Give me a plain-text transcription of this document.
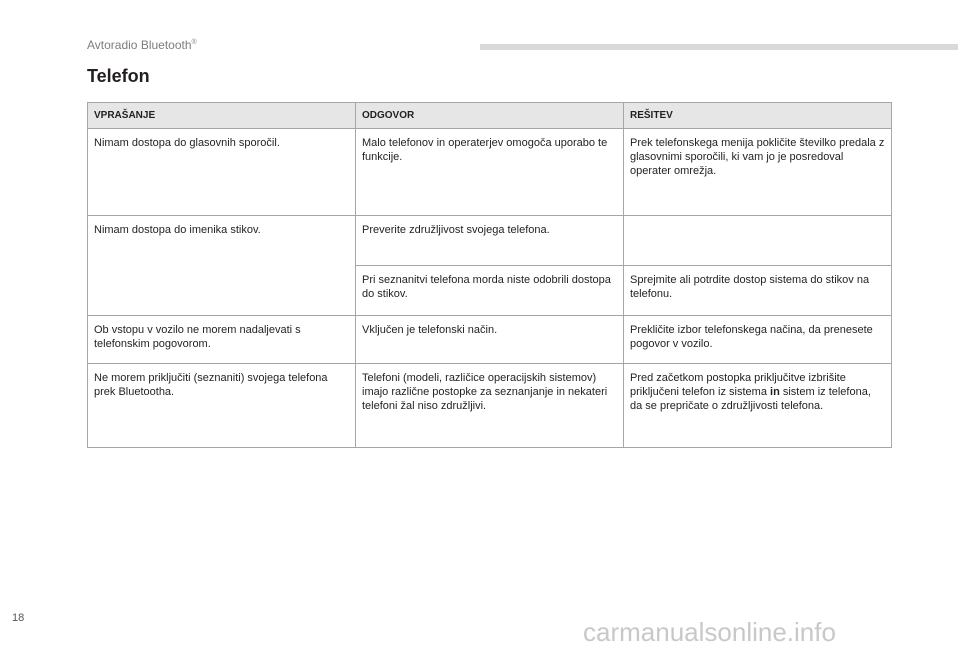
Avtoradio Bluetooth®
Telefon
VPRAŠANJE	ODGOVOR	REŠITEV
Nimam dostopa do glasovnih sporočil.	Malo telefonov in operaterjev omogoča uporabo te funkcije.	Prek telefonskega menija pokličite številko predala z glasovnimi sporočili, ki vam jo je posredoval operater omrežja.
Nimam dostopa do imenika stikov.	Preverite združljivost svojega telefona.	
	Pri seznanitvi telefona morda niste odobrili dostopa do stikov.	Sprejmite ali potrdite dostop sistema do stikov na telefonu.
Ob vstopu v vozilo ne morem nadaljevati s telefonskim pogovorom.	Vključen je telefonski način.	Prekličite izbor telefonskega načina, da prenesete pogovor v vozilo.
Ne morem priključiti (seznaniti) svojega telefona prek Bluetootha.	Telefoni (modeli, različice operacijskih sistemov) imajo različne postopke za seznanjanje in nekateri telefoni žal niso združljivi.	Pred začetkom postopka priključitve izbrišite priključeni telefon iz sistema in sistem iz telefona, da se prepričate o združljivosti telefona.
18	carmanualsonline.info
